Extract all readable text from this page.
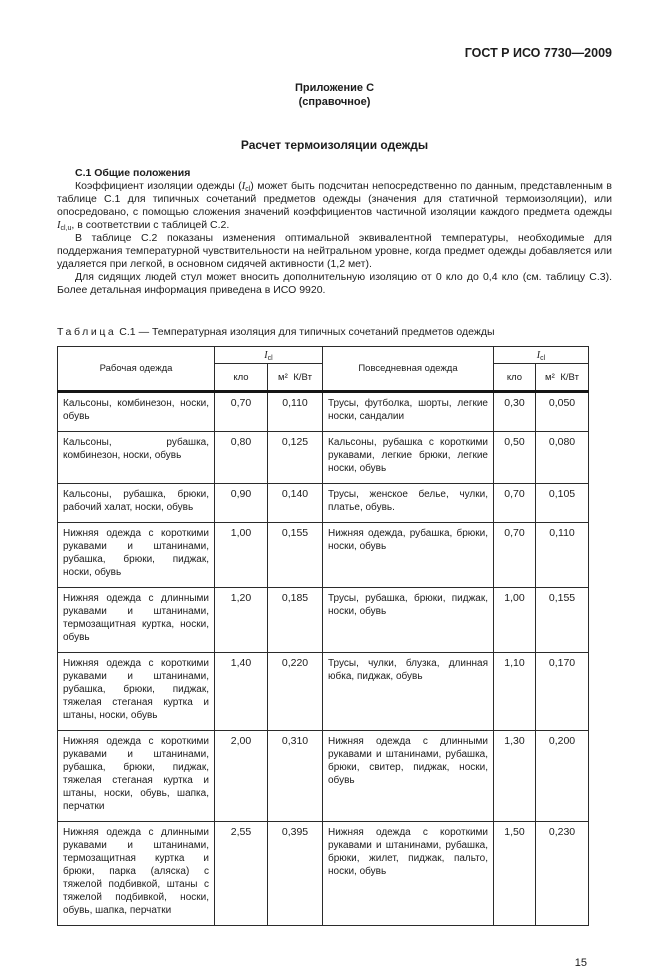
ГОСТ Р ИСО 7730—2009
Приложение С
(справочное)
Расчет термоизоляции одежды

С.1 Общие положения

Коэффициент изоляции одежды $(I_{cl})$ может быть подсчитан непосредственно по данным, представленным в таблице С.1 для типичных сочетаний предметов одежды (значения для статичной термоизоляции), или опосредовано, с помощью сложения значений коэффициентов частичной изоляции каждого предмета одежды $I_{cl,u}$, в соответствии с таблицей С.2.

В таблице С.2 показаны изменения оптимальной эквивалентной температуры, необходимые для поддержания температурной чувствительности на нейтральном уровне, когда предмет одежды добавляется или удаляется при легкой, в основном сидячей активности (1,2 мет).

Для сидящих людей стул может вносить дополнительную изоляцию от 0 кло до 0,4 кло (см. таблицу С.3). Более детальная информация приведена в ИСО 9920.

Таблица С.1 — Температурная изоляция для типичных сочетаний предметов одежды

Рабочая одежда	$I_{cl}$		Повседневная одежда	$I_{cl}$
	кло	м² К/Вт		кло	м² К/Вт
Кальсоны, комбинезон, носки, обувь	0,70	0,110	Трусы, футболка, шорты, легкие носки, сандалии	0,30	0,050
Кальсоны, рубашка, комбинезон, носки, обувь	0,80	0,125	Кальсоны, рубашка с короткими рукавами, легкие брюки, легкие носки, обувь	0,50	0,080
Кальсоны, рубашка, брюки, рабочий халат, носки, обувь	0,90	0,140	Трусы, женское белье, чулки, платье, обувь.	0,70	0,105
Нижняя одежда с короткими рукавами и штанинами, рубашка, брюки, пиджак, носки, обувь	1,00	0,155	Нижняя одежда, рубашка, брюки, носки, обувь	0,70	0,110
Нижняя одежда с длинными рукавами и штанинами, термозащитная куртка, носки, обувь	1,20	0,185	Трусы, рубашка, брюки, пиджак, носки, обувь	1,00	0,155
Нижняя одежда с короткими рукавами и штанинами, рубашка, брюки, пиджак, тяжелая стеганая куртка и штаны, носки, обувь	1,40	0,220	Трусы, чулки, блузка, длинная юбка, пиджак, обувь	1,10	0,170
Нижняя одежда с короткими рукавами и штанинами, рубашка, брюки, пиджак, тяжелая стеганая куртка и штаны, носки, обувь, шапка, перчатки	2,00	0,310	Нижняя одежда с длинными рукавами и штанинами, рубашка, брюки, свитер, пиджак, носки, обувь	1,30	0,200
Нижняя одежда с длинными рукавами и штанинами, термозащитная куртка и брюки, парка (аляска) с тяжелой подбивкой, штаны с тяжелой подбивкой, носки, обувь, шапка, перчатки	2,55	0,395	Нижняя одежда с короткими рукавами и штанинами, рубашка, брюки, жилет, пиджак, пальто, носки, обувь	1,50	0,230
15
